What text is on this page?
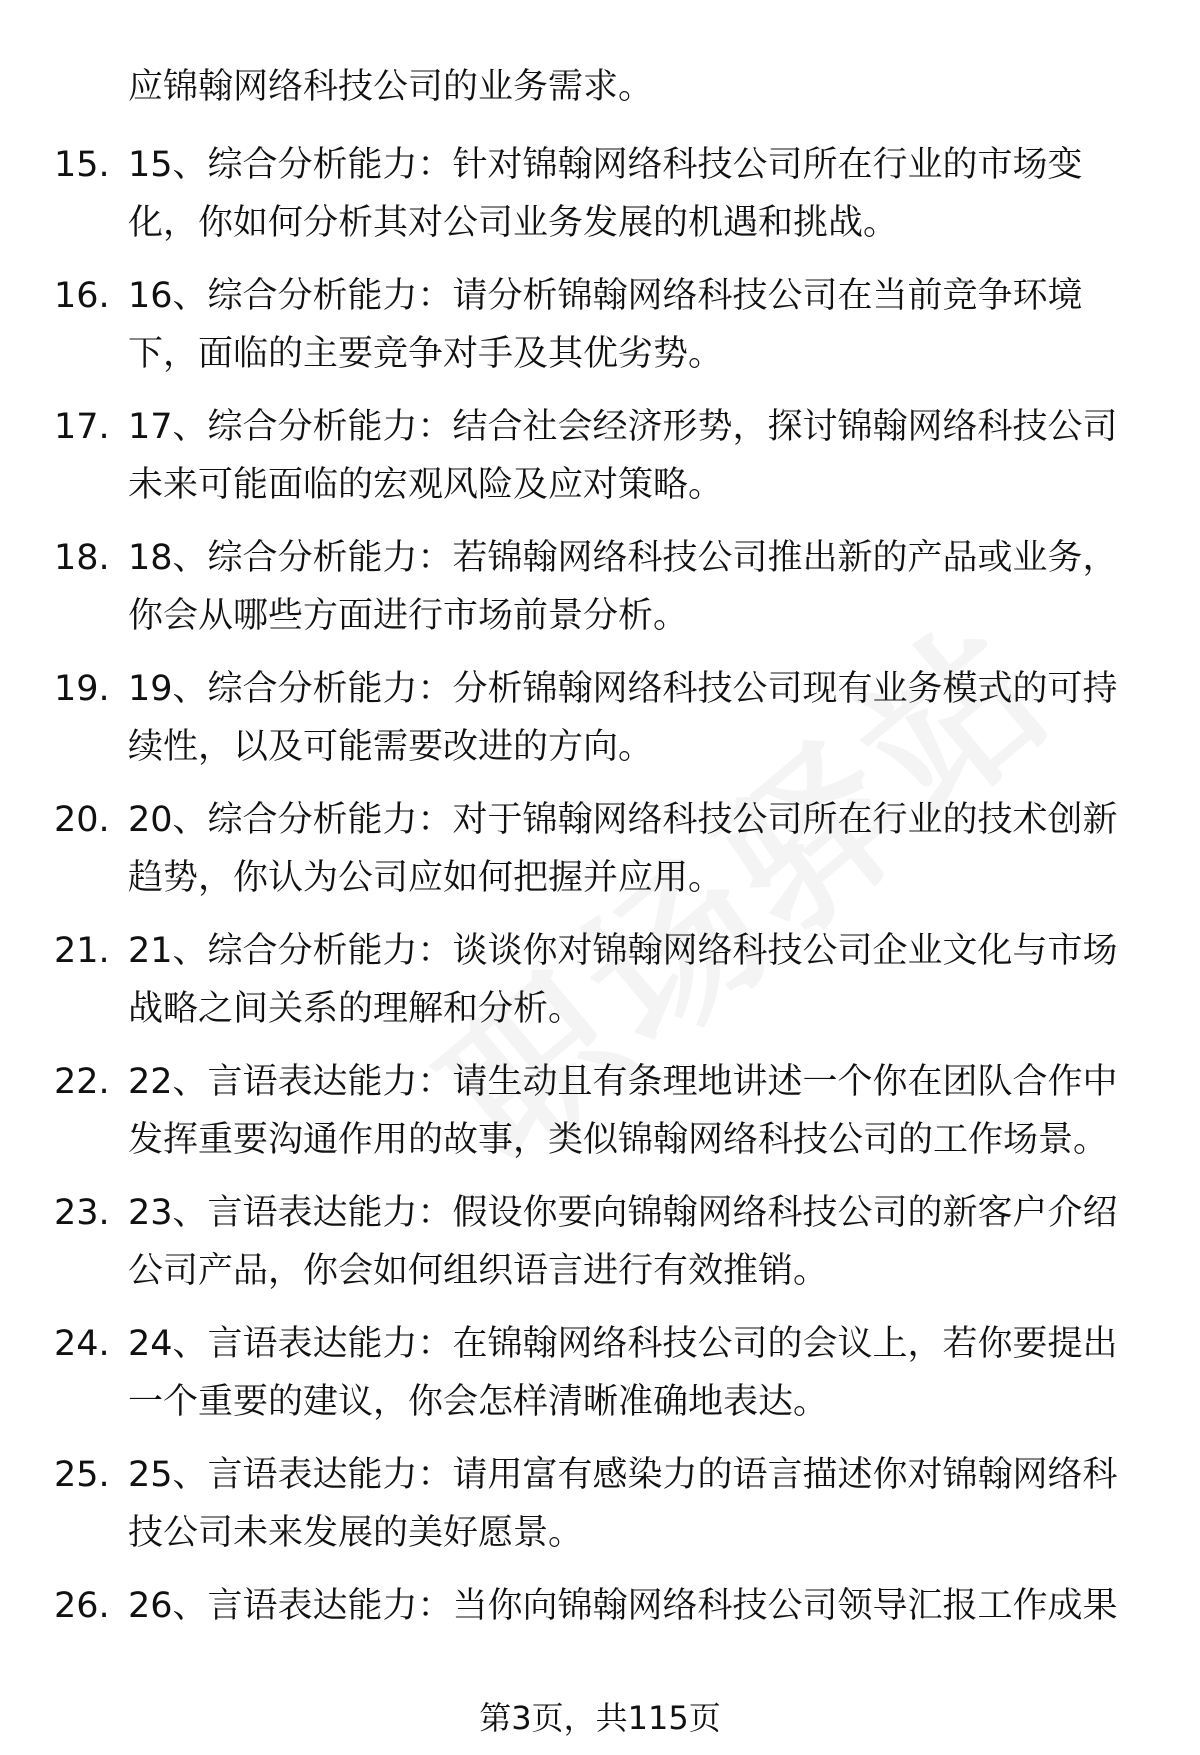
应锦翰网络科技公司的业务需求。
15. 15、综合分析能力：针对锦翰网络科技公司所在行业的市场变
化，你如何分析其对公司业务发展的机遇和挑战。
16. 16、综合分析能力：请分析锦翰网络科技公司在当前竞争环境
下，面临的主要竞争对手及其优劣势。
17. 17、综合分析能力：结合社会经济形势，探讨锦翰网络科技公司
未来可能面临的宏观风险及应对策略。
18. 18、综合分析能力：若锦翰网络科技公司推出新的产品或业务，
你会从哪些方面进行市场前景分析。
19. 19、综合分析能力：分析锦翰网络科技公司现有业务模式的可持
续性，以及可能需要改进的方向。
20. 20、综合分析能力：对于锦翰网络科技公司所在行业的技术创新
趋势，你认为公司应如何把握并应用。
21. 21、综合分析能力：谈谈你对锦翰网络科技公司企业文化与市场
战略之间关系的理解和分析。
22. 22、言语表达能力：请生动且有条理地讲述一个你在团队合作中
发挥重要沟通作用的故事，类似锦翰网络科技公司的工作场景。
23. 23、言语表达能力：假设你要向锦翰网络科技公司的新客户介绍
公司产品，你会如何组织语言进行有效推销。
24. 24、言语表达能力：在锦翰网络科技公司的会议上，若你要提出
一个重要的建议，你会怎样清晰准确地表达。
25. 25、言语表达能力：请用富有感染力的语言描述你对锦翰网络科
技公司未来发展的美好愿景。
26. 26、言语表达能力：当你向锦翰网络科技公司领导汇报工作成果
第3页，共115页
